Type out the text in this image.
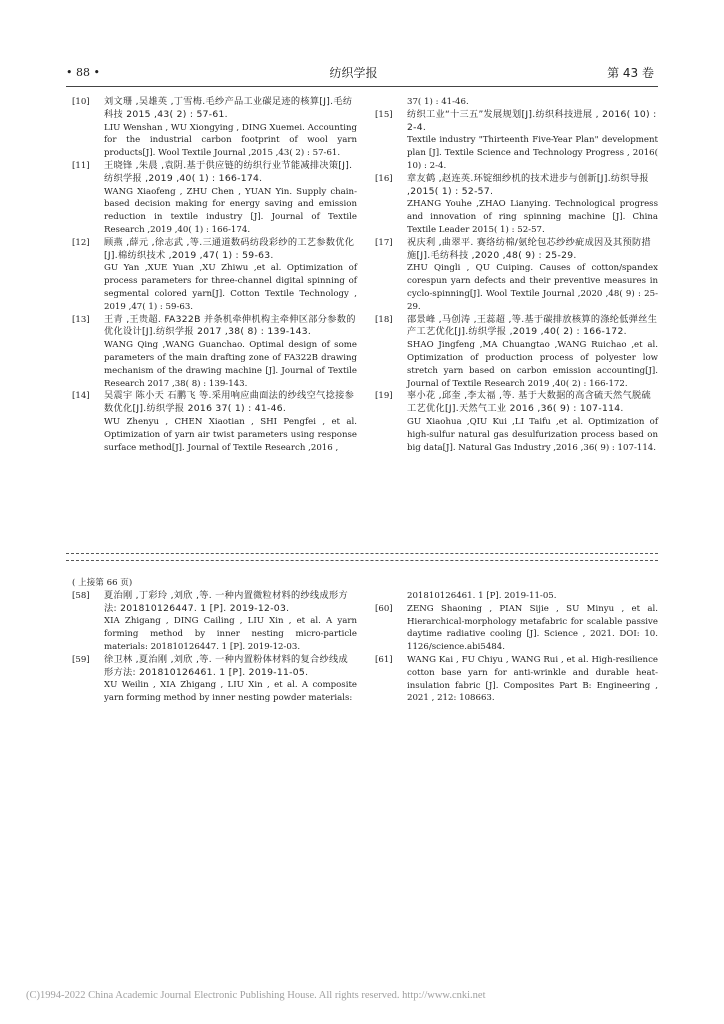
• 88 •	纺织学报	第 43 卷
[10] 刘文珊 ,吴雄英 ,丁雪梅.毛纱产品工业碳足迹的核算[J].毛纺科技 2015 ,43( 2) : 57-61.
LIU Wenshan , WU Xiongying , DING Xuemei. Accounting for the industrial carbon footprint of wool yarn products[J]. Wool Textile Journal ,2015 ,43( 2) : 57-61.
[11] 王晓锋 ,朱晨 ,袁阴.基于供应链的纺织行业节能减排决策[J].纺织学报 ,2019 ,40( 1) : 166-174.
WANG Xiaofeng , ZHU Chen , YUAN Yin. Supply chain-based decision making for energy saving and emission reduction in textile industry [J]. Journal of Textile Research ,2019 ,40( 1) : 166-174.
[12] 顾燕 ,薛元 ,徐志武 ,等.三通道数码纺段彩纱的工艺参数优化[J].棉纺织技术 ,2019 ,47( 1) : 59-63.
GU Yan ,XUE Yuan ,XU Zhiwu ,et al. Optimization of process parameters for three-channel digital spinning of segmental colored yarn[J]. Cotton Textile Technology , 2019 ,47( 1) : 59-63.
[13] 王青 ,王贵超. FA322B 并条机牵伸机构主牵伸区部分参数的优化设计[J].纺织学报 2017 ,38( 8) : 139-143.
WANG Qing ,WANG Guanchao. Optimal design of some parameters of the main drafting zone of FA322B drawing mechanism of the drawing machine [J]. Journal of Textile Research 2017 ,38( 8) : 139-143.
[14] 吴震宇 陈小天 石鹏飞 等.采用响应曲面法的纱线空气捻接参数优化[J].纺织学报 2016 37( 1) : 41-46.
WU Zhenyu , CHEN Xiaotian , SHI Pengfei , et al. Optimization of yarn air twist parameters using response surface method[J]. Journal of Textile Research ,2016 ,
37( 1) : 41-46.
[15] 纺织工业“十三五”发展规划[J].纺织科技进展 , 2016( 10) : 2-4.
Textile industry "Thirteenth Five-Year Plan" development plan [J]. Textile Science and Technology Progress , 2016( 10) : 2-4.
[16] 章友鹤 ,赵连英.环锭细纱机的技术进步与创新[J].纺织导报 ,2015( 1) : 52-57.
ZHANG Youhe ,ZHAO Lianying. Technological progress and innovation of ring spinning machine [J]. China Textile Leader 2015( 1) : 52-57.
[17] 祝庆利 ,曲翠平. 赛络纺棉/氨纶包芯纱纱疵成因及其预防措施[J].毛纺科技 ,2020 ,48( 9) : 25-29.
ZHU Qingli , QU Cuiping. Causes of cotton/spandex corespun yarn defects and their preventive measures in cyclo-spinning[J]. Wool Textile Journal ,2020 ,48( 9) : 25-29.
[18] 邵景峰 ,马创涛 ,王蕊超 ,等.基于碳排放核算的涤纶低弹丝生产工艺优化[J].纺织学报 ,2019 ,40( 2) : 166-172.
SHAO Jingfeng ,MA Chuangtao ,WANG Ruichao ,et al. Optimization of production process of polyester low stretch yarn based on carbon emission accounting[J]. Journal of Textile Research 2019 ,40( 2) : 166-172.
[19] 辜小花 ,邱奎 ,李太福 ,等. 基于大数据的高含硫天然气脱硫工艺优化[J].天然气工业 2016 ,36( 9) : 107-114.
GU Xiaohua ,QIU Kui ,LI Taifu ,et al. Optimization of high-sulfur natural gas desulfurization process based on big data[J]. Natural Gas Industry ,2016 ,36( 9) : 107-114.
( 上接第 66 页)
[58] 夏治刚 ,丁彩玲 ,刘欣 ,等. 一种内置微粒材料的纱线成形方法: 201810126447. 1 [P]. 2019-12-03.
XIA Zhigang , DING Cailing , LIU Xin , et al. A yarn forming method by inner nesting micro-particle materials: 201810126447. 1 [P]. 2019-12-03.
[59] 徐卫林 ,夏治刚 ,刘欣 ,等. 一种内置粉体材料的复合纱线成形方法: 201810126461. 1 [P]. 2019-11-05.
XU Weilin , XIA Zhigang , LIU Xin , et al. A composite yarn forming method by inner nesting powder materials:
201810126461. 1 [P]. 2019-11-05.
[60] ZENG Shaoning , PIAN Sijie , SU Minyu , et al. Hierarchical-morphology metafabric for scalable passive daytime radiative cooling [J]. Science , 2021. DOI: 10. 1126/science.abi5484.
[61] WANG Kai , FU Chiyu , WANG Rui , et al. High-resilience cotton base yarn for anti-wrinkle and durable heat-insulation fabric [J]. Composites Part B: Engineering , 2021 , 212: 108663.
(C)1994-2022 China Academic Journal Electronic Publishing House. All rights reserved. http://www.cnki.net
